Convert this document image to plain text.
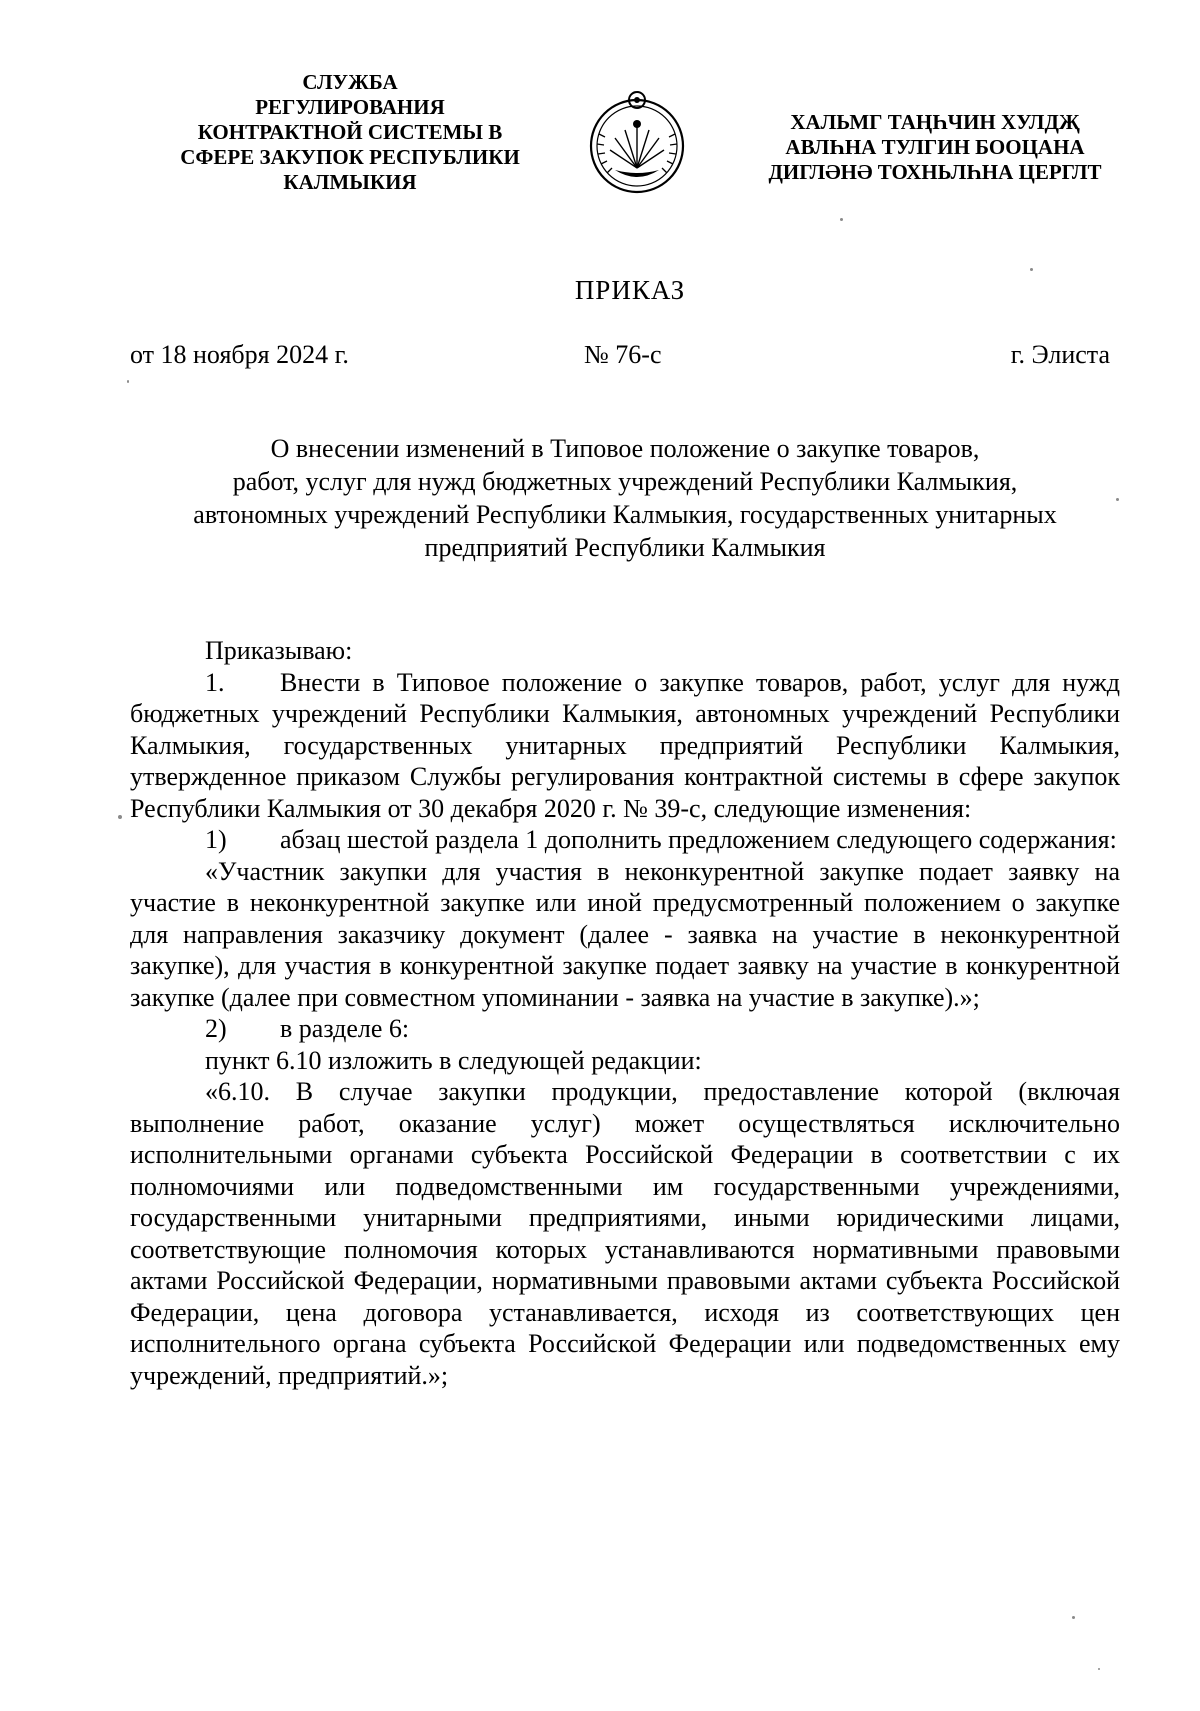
СЛУЖБА
РЕГУЛИРОВАНИЯ
КОНТРАКТНОЙ СИСТЕМЫ В
СФЕРЕ ЗАКУПОК РЕСПУБЛИКИ
КАЛМЫКИЯ
ХАЛЬМГ ТАҢҺЧИН ХУЛДҖ
АВЛҺНА ТУЛГИН БООЦАНА
ДИГЛӘНӘ ТОХНЬЛҺНА ЦЕРГЛТ
ПРИКАЗ
от 18 ноября 2024 г.	№ 76-с	г. Элиста
О внесении изменений в Типовое положение о закупке товаров,
работ, услуг для нужд бюджетных учреждений Республики Калмыкия,
автономных учреждений Республики Калмыкия, государственных унитарных
предприятий Республики Калмыкия

Приказываю:

1. Внести в Типовое положение о закупке товаров, работ, услуг для нужд бюджетных учреждений Республики Калмыкия, автономных учреждений Республики Калмыкия, государственных унитарных предприятий Республики Калмыкия, утвержденное приказом Службы регулирования контрактной системы в сфере закупок Республики Калмыкия от 30 декабря 2020 г. № 39-с, следующие изменения:

1) абзац шестой раздела 1 дополнить предложением следующего содержания:

«Участник закупки для участия в неконкурентной закупке подает заявку на участие в неконкурентной закупке или иной предусмотренный положением о закупке для направления заказчику документ (далее - заявка на участие в неконкурентной закупке), для участия в конкурентной закупке подает заявку на участие в конкурентной закупке (далее при совместном упоминании - заявка на участие в закупке).»;

2) в разделе 6:

пункт 6.10 изложить в следующей редакции:

«6.10. В случае закупки продукции, предоставление которой (включая выполнение работ, оказание услуг) может осуществляться исключительно исполнительными органами субъекта Российской Федерации в соответствии с их полномочиями или подведомственными им государственными учреждениями, государственными унитарными предприятиями, иными юридическими лицами, соответствующие полномочия которых устанавливаются нормативными правовыми актами Российской Федерации, нормативными правовыми актами субъекта Российской Федерации, цена договора устанавливается, исходя из соответствующих цен исполнительного органа субъекта Российской Федерации или подведомственных ему учреждений, предприятий.»;
